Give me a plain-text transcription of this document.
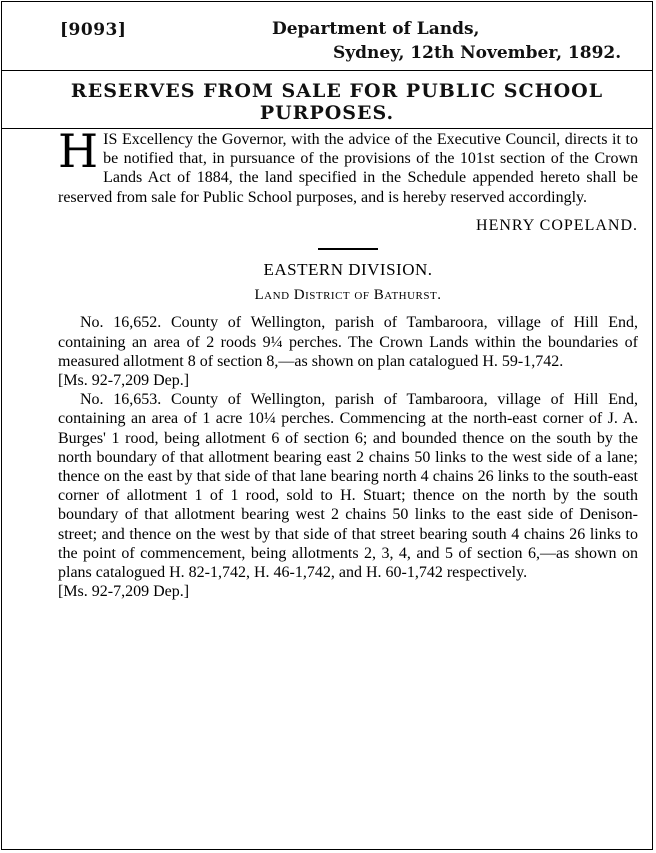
[9093]	Department of Lands,
Sydney, 12th November, 1892.
RESERVES FROM SALE FOR PUBLIC SCHOOL
PURPOSES.

HIS Excellency the Governor, with the advice of the Executive Council, directs it to be notified that, in pursuance of the provisions of the 101st section of the Crown Lands Act of 1884, the land specified in the Schedule appended hereto shall be reserved from sale for Public School purposes, and is hereby reserved accordingly.

HENRY COPELAND.
EASTERN DIVISION.
Land District of Bathurst.

No. 16,652. County of Wellington, parish of Tambaroora, village of Hill End, containing an area of 2 roods 9¼ perches. The Crown Lands within the boundaries of measured allotment 8 of section 8,—as shown on plan catalogued H. 59-1,742.

[Ms. 92-7,209 Dep.]

No. 16,653. County of Wellington, parish of Tambaroora, village of Hill End, containing an area of 1 acre 10¼ perches. Commencing at the north-east corner of J. A. Burges' 1 rood, being allotment 6 of section 6; and bounded thence on the south by the north boundary of that allotment bearing east 2 chains 50 links to the west side of a lane; thence on the east by that side of that lane bearing north 4 chains 26 links to the south-east corner of allotment 1 of 1 rood, sold to H. Stuart; thence on the north by the south boundary of that allotment bearing west 2 chains 50 links to the east side of Denison-street; and thence on the west by that side of that street bearing south 4 chains 26 links to the point of commencement, being allotments 2, 3, 4, and 5 of section 6,—as shown on plans catalogued H. 82-1,742, H. 46-1,742, and H. 60-1,742 respectively.

[Ms. 92-7,209 Dep.]
